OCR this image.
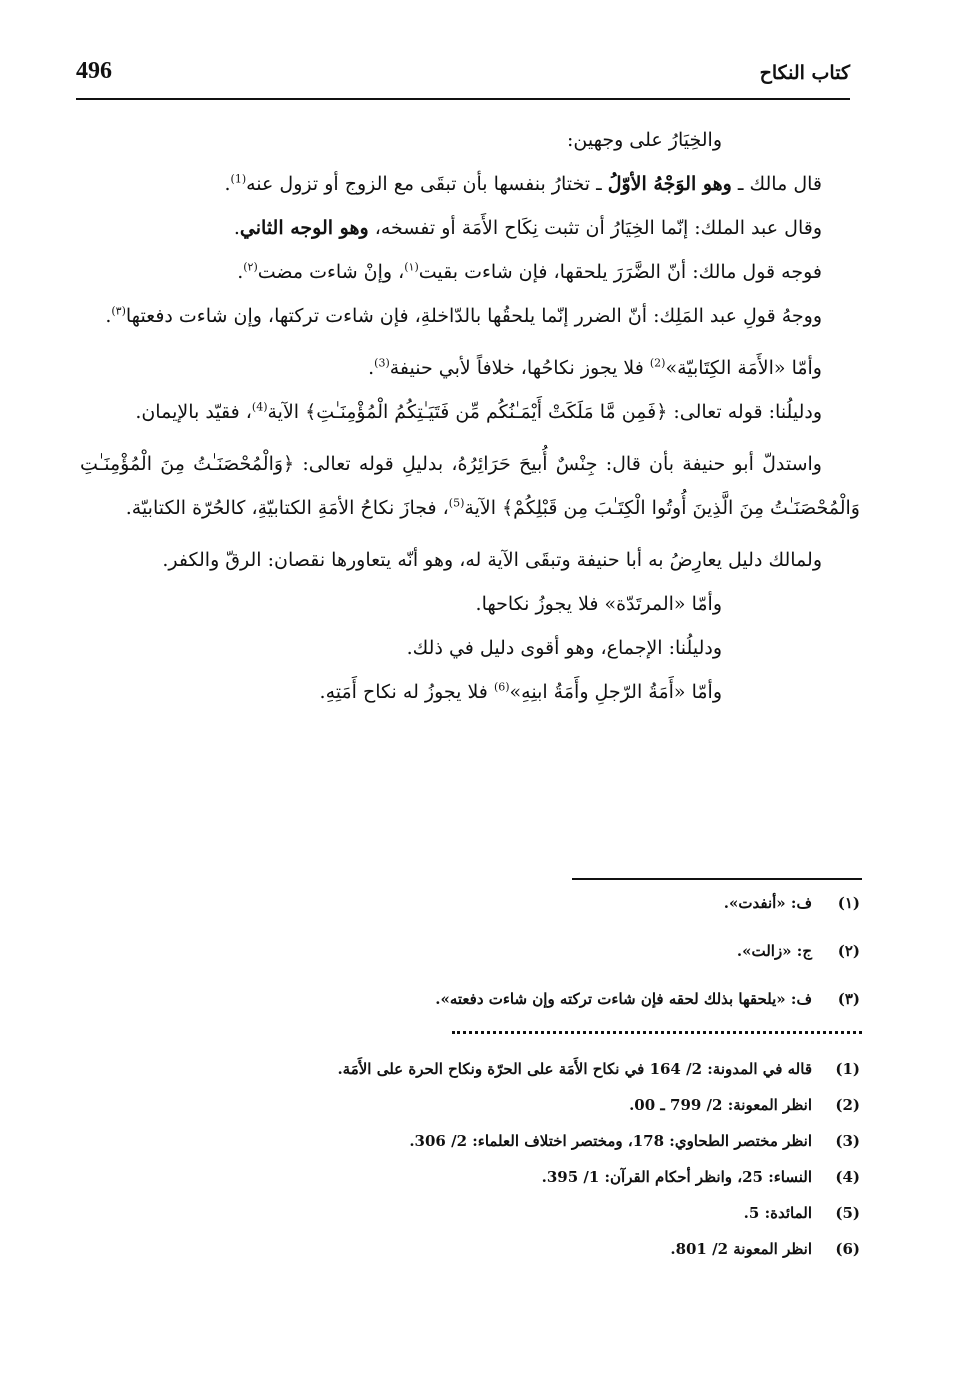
496	كتاب النكاح

والخِيَارُ على وجهين:

قال مالك ـ وهو الوَجْهُ الأوّلُ ـ تختارُ بنفسها بأن تبقَى مع الزوج أو تزول عنه$^{(1)}$.

وقال عبد الملك: إنّما الخِيَارُ أن تثبت نِكَاح الأَمَة أو تفسخه، وهو الوجه الثاني.

فوجه قول مالك: أنّ الضَّرَرَ يلحقها، فإن شاءت بقيت$^{(١)}$، وإنْ شاءت مضت$^{(٢)}$.

ووجهُ قولِ عبد المَلِك: أنّ الضرر إنّما يلحقُها بالدّاخلةِ، فإن شاءت تركتها، وإن شاءت دفعتها$^{(٣)}$.

وأمّا «الأَمَة الكِتَابيّة»$^{(2)}$ فلا يجوز نكاحُها، خلافاً لأبي حنيفة$^{(3)}$.

ودليلُنا: قوله تعالى: ﴿فَمِن مَّا مَلَكَتْ أَيْمَـٰنُكُم مِّن فَتَيَـٰتِكُمُ الْمُؤْمِنَـٰتِ﴾ الآية$^{(4)}$، فقيّد بالإيمان.

واستدلّ أبو حنيفة بأن قال: جِنْسٌ أُبيحَ حَرَائِرُهُ، بدليلِ قوله تعالى: ﴿وَالْمُحْصَنَـٰتُ مِنَ الْمُؤْمِنَـٰتِ وَالْمُحْصَنَـٰتُ مِنَ الَّذِينَ أُوتُوا الْكِتَـٰبَ مِن قَبْلِكُمْ﴾ الآية$^{(5)}$، فجازَ نكاحُ الأمَةِ الكتابيّةِ، كالحُرّة الكتابيّة.

ولمالك دليل يعارِضُ به أبا حنيفة وتبقَى الآية له، وهو أنّه يتعاورها نقصان: الرقّ والكفر.

وأمّا «المرتَدّة» فلا يجوزُ نكاحها.

ودليلُنا: الإجماع، وهو أقوى دليل في ذلك.

وأمّا «أَمَةُ الرّجلِ وأَمَةُ ابنِهِ»$^{(6)}$ فلا يجوزُ له نكاح أَمَتِهِ.

(١)
ف: «أنفدت».
(٢)
ج: «زالت».
(٣)
ف: «يلحقها بذلك لحقه فإن شاءت تركته وإن شاءت دفعته».
(1)
قاله في المدونة: 2/ 164 في نكاح الأَمَة على الحرّة ونكاح الحرة على الأَمَة.
(2)
انظر المعونة: 2/ 799 ـ 00.
(3)
انظر مختصر الطحاوي: 178، ومختصر اختلاف العلماء: 2/ 306.
(4)
النساء: 25، وانظر أحكام القرآن: 1/ 395.
(5)
المائدة: 5.
(6)
انظر المعونة 2/ 801.
